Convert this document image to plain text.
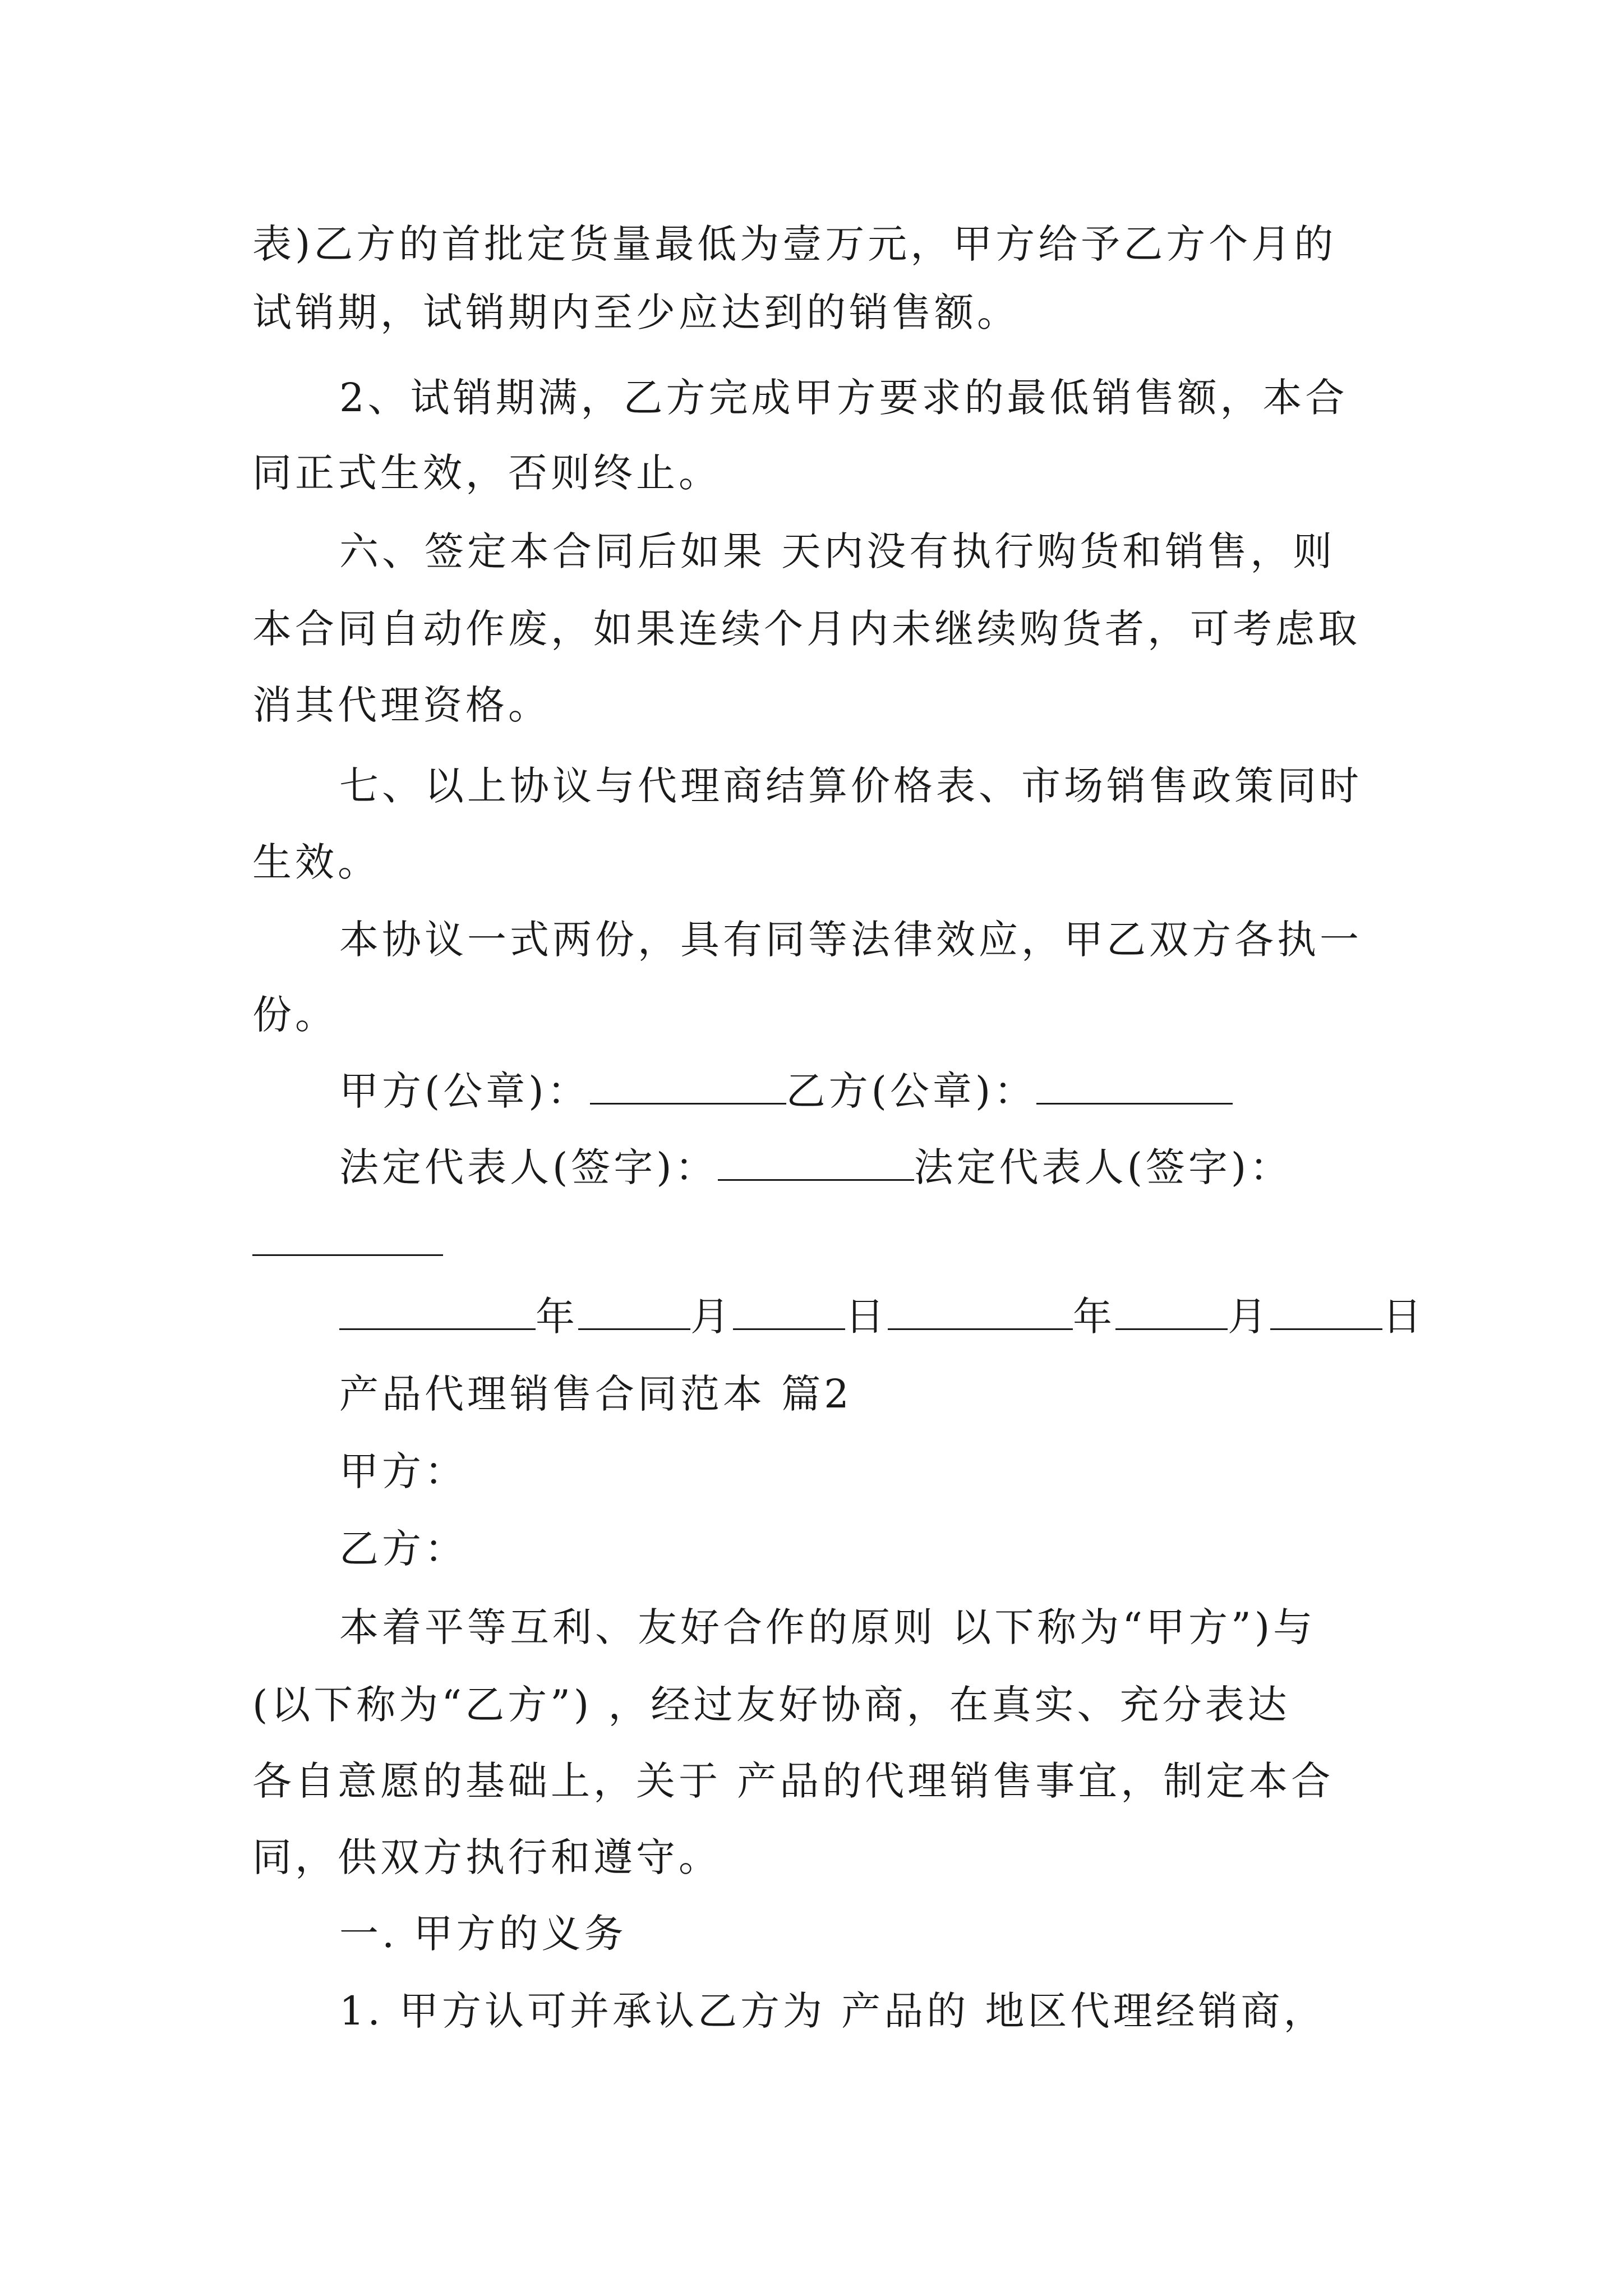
表)乙方的首批定货量最低为壹万元，甲方给予乙方个月的
试销期，试销期内至少应达到的销售额。
2、试销期满，乙方完成甲方要求的最低销售额，本合
同正式生效，否则终止。
六、签定本合同后如果 天内没有执行购货和销售，则
本合同自动作废，如果连续个月内未继续购货者，可考虑取
消其代理资格。
七、以上协议与代理商结算价格表、市场销售政策同时
生效。
本协议一式两份，具有同等法律效应，甲乙双方各执一
份。
甲方(公章)：	乙方(公章)：
法定代表人(签字)：	法定代表人(签字)：
年	月	日	年	月	日
产品代理销售合同范本 篇2
甲方：
乙方：
本着平等互利、友好合作的原则 以下称为“甲方”)与
(以下称为“乙方”) ，经过友好协商，在真实、充分表达
各自意愿的基础上，关于 产品的代理销售事宜，制定本合
同，供双方执行和遵守。
一. 甲方的义务
1. 甲方认可并承认乙方为 产品的 地区代理经销商，
